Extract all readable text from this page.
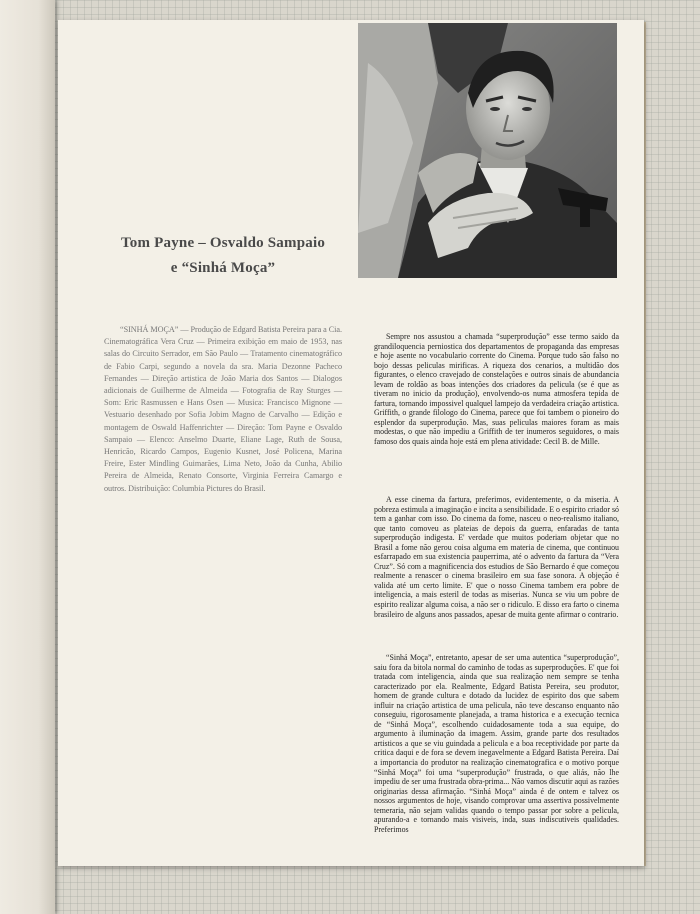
Tom Payne – Osvaldo Sampaio
e “Sinhá Moça”

“SINHÁ MOÇA” — Produção de Edgard Batista Pereira para a Cia. Cinematográfica Vera Cruz — Primeira exibição em maio de 1953, nas salas do Circuito Serrador, em São Paulo — Tratamento cinematográfico de Fabio Carpi, segundo a novela da sra. Maria Dezonne Pacheco Fernandes — Direção artistica de João Maria dos Santos — Dialogos adicionais de Guilherme de Almeida — Fotografia de Ray Sturges — Som: Eric Rasmussen e Hans Osen — Musica: Francisco Mignone — Vestuario desenhado por Sofia Jobim Magno de Carvalho — Edição e montagem de Oswald Haffenrichter — Direção: Tom Payne e Osvaldo Sampaio — Elenco: Anselmo Duarte, Eliane Lage, Ruth de Sousa, Henricão, Ricardo Campos, Eugenio Kusnet, José Policena, Marina Freire, Ester Mindling Guimarães, Lima Neto, João da Cunha, Abilio Pereira de Almeida, Renato Consorte, Virginia Ferreira Camargo e outros. Distribuição: Columbia Pictures do Brasil.

Sempre nos assustou a chamada “superprodução” esse termo saido da grandiloquencia perniostica dos departamentos de propaganda das empresas e hoje asente no vocabulario corrente do Cinema. Porque tudo são falso no bojo dessas peliculas mirificas. A riqueza dos cenarios, a multidão dos figurantes, o elenco cravejado de constelações e outros sinais de abundancia levam de roldão as boas intenções dos criadores da pelicula (se é que as tiveram no inicio da produção), envolvendo-os numa atmosfera tepida de fartura, tornando impossivel qualquel lampejo da verdadeira criação artistica. Griffith, o grande filologo do Cinema, parece que foi tambem o pioneiro do esplendor da superprodução. Mas, suas peliculas maiores foram as mais modestas, o que não impediu a Griffith de ter inumeros seguidores, o mais famoso dos quais ainda hoje está em plena atividade: Cecil B. de Mille.

A esse cinema da fartura, preferimos, evidentemente, o da miseria. A pobreza estimula a imaginação e incita a sensibilidade. E o espirito criador só tem a ganhar com isso. Do cinema da fome, nasceu o neo-realismo italiano, que tanto comoveu as plateias de depois da guerra, enfaradas de tanta superprodução indigesta. E' verdade que muitos poderiam objetar que no Brasil a fome não gerou coisa alguma em materia de cinema, que continuou esfarrapado em sua existencia pauperrima, até o advento da fartura da “Vera Cruz”. Só com a magnificencia dos estudios de São Bernardo é que começou realmente a renascer o cinema brasileiro em sua fase sonora. A objeção é valida até um certo limite. E' que o nosso Cinema tambem era pobre de inteligencia, a mais esteril de todas as miserias. Nunca se viu um pobre de espirito realizar alguma coisa, a não ser o ridiculo. E disso era farto o cinema brasileiro de alguns anos passados, apesar de muita gente afirmar o contrario.

“Sinhá Moça”, entretanto, apesar de ser uma autentica “superprodução”, saiu fora da bitola normal do caminho de todas as superproduções. E' que foi tratada com inteligencia, ainda que sua realização nem sempre se tenha caracterizado por ela. Realmente, Edgard Batista Pereira, seu produtor, homem de grande cultura e dotado da lucidez de espirito dos que sabem influir na criação artistica de uma pelicula, não teve descanso enquanto não conseguiu, rigorosamente planejada, a trama historica e a execução tecnica de “Sinhá Moça”, escolhendo cuidadosamente toda a sua equipe, do argumento à iluminação da imagem. Assim, grande parte dos resultados artisticos a que se viu guindada a pelicula e a boa receptividade por parte da critica daqui e de fora se devem inegavelmente a Edgard Batista Pereira. Daí a importancia do produtor na realização cinematografica e o motivo porque “Sinhá Moça” foi uma “superprodução” frustrada, o que aliás, não lhe impediu de ser uma frustrada obra-prima... Não vamos discutir aqui as razões originarias dessa afirmação. “Sinhá Moça” ainda é de ontem e talvez os nossos argumentos de hoje, visando comprovar uma assertiva possivelmente temeraria, não sejam validas quando o tempo passar por sobre a pelicula, apurando-a e tornando mais visiveis, inda, suas indiscutiveis qualidades. Preferimos
